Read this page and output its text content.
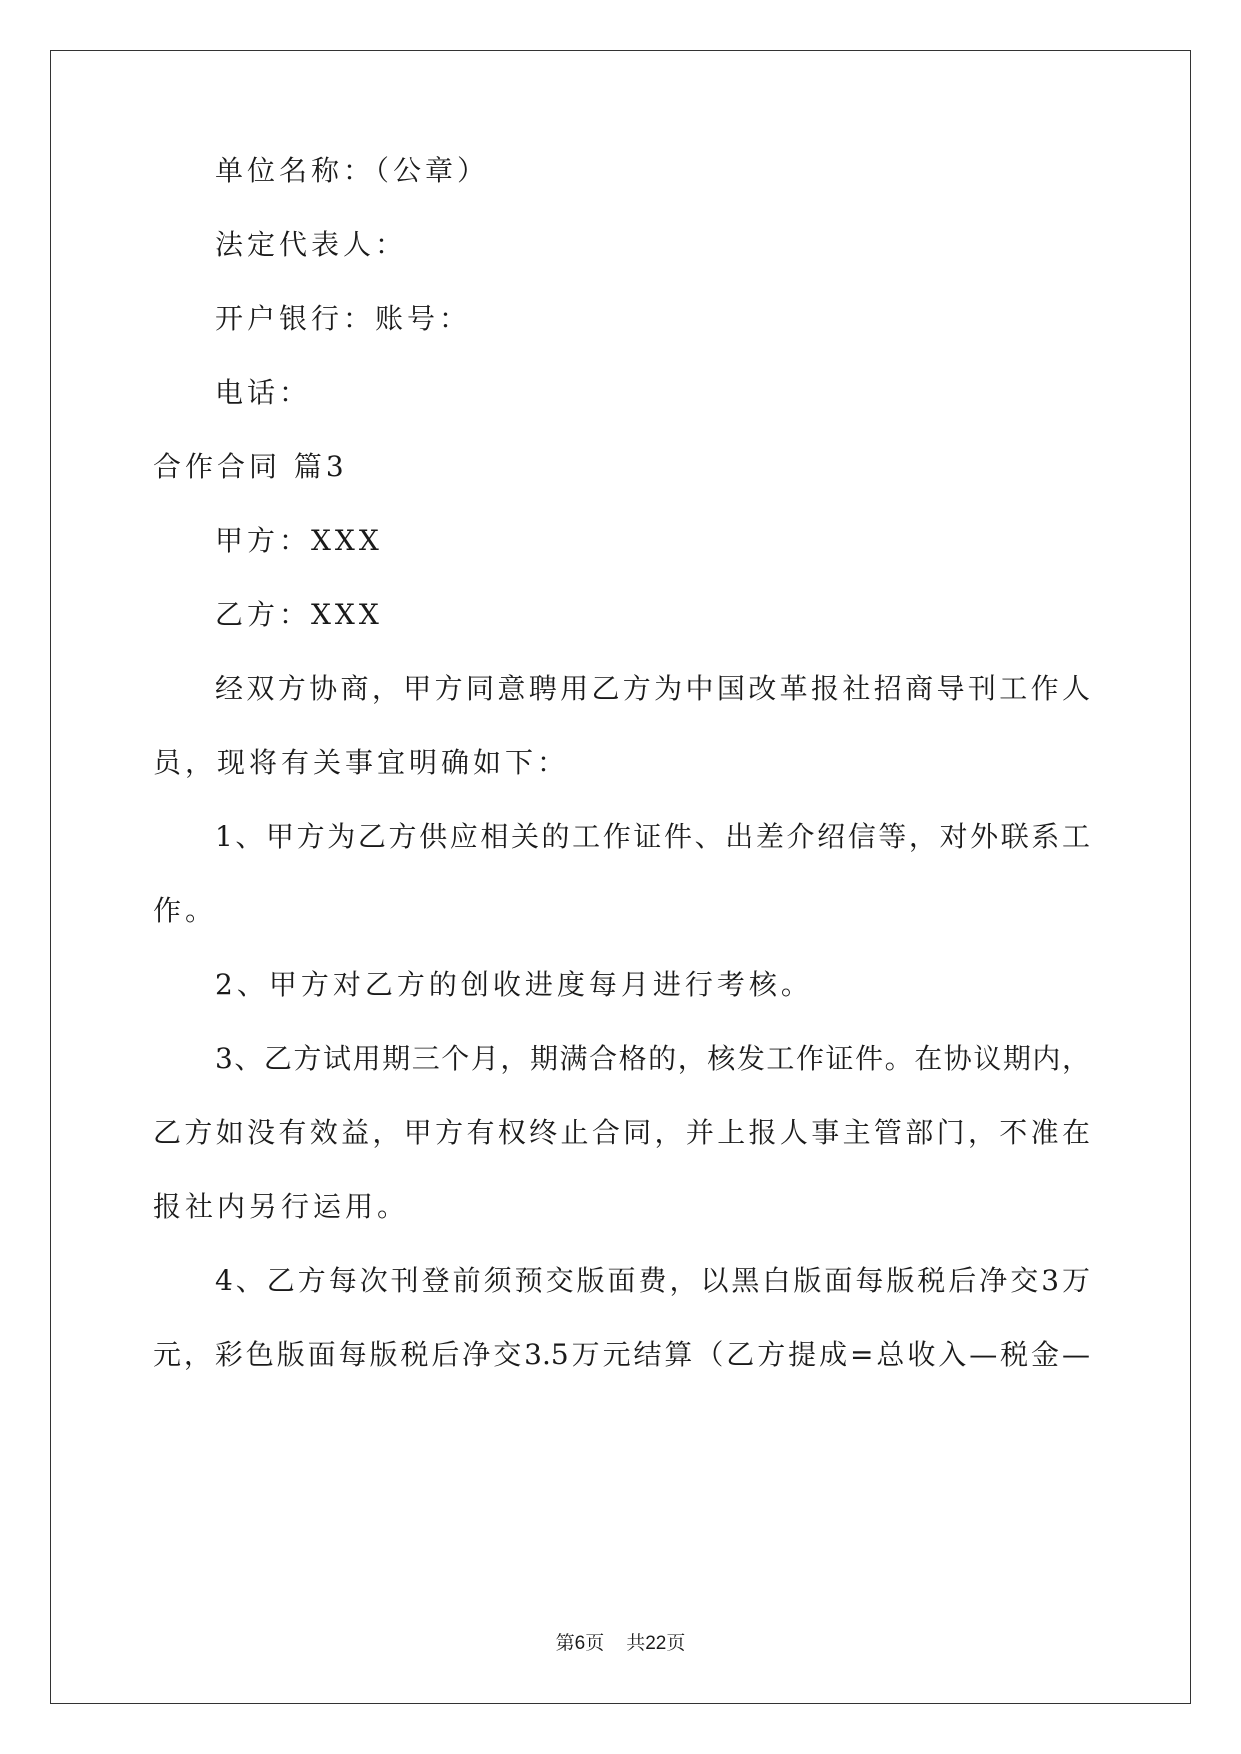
单位名称：（公章）
法定代表人：
开户银行：账号：
电话：
合作合同 篇3
甲方：XXX
乙方：XXX
经双方协商，甲方同意聘用乙方为中国改革报社招商导刊工作人
员，现将有关事宜明确如下：
1、甲方为乙方供应相关的工作证件、出差介绍信等，对外联系工
作。
2、甲方对乙方的创收进度每月进行考核。
3、乙方试用期三个月，期满合格的，核发工作证件。在协议期内，
乙方如没有效益，甲方有权终止合同，并上报人事主管部门，不准在
报社内另行运用。
4、乙方每次刊登前须预交版面费，以黑白版面每版税后净交3万
元，彩色版面每版税后净交3.5万元结算（乙方提成=总收入—税金—
第6页 共22页
